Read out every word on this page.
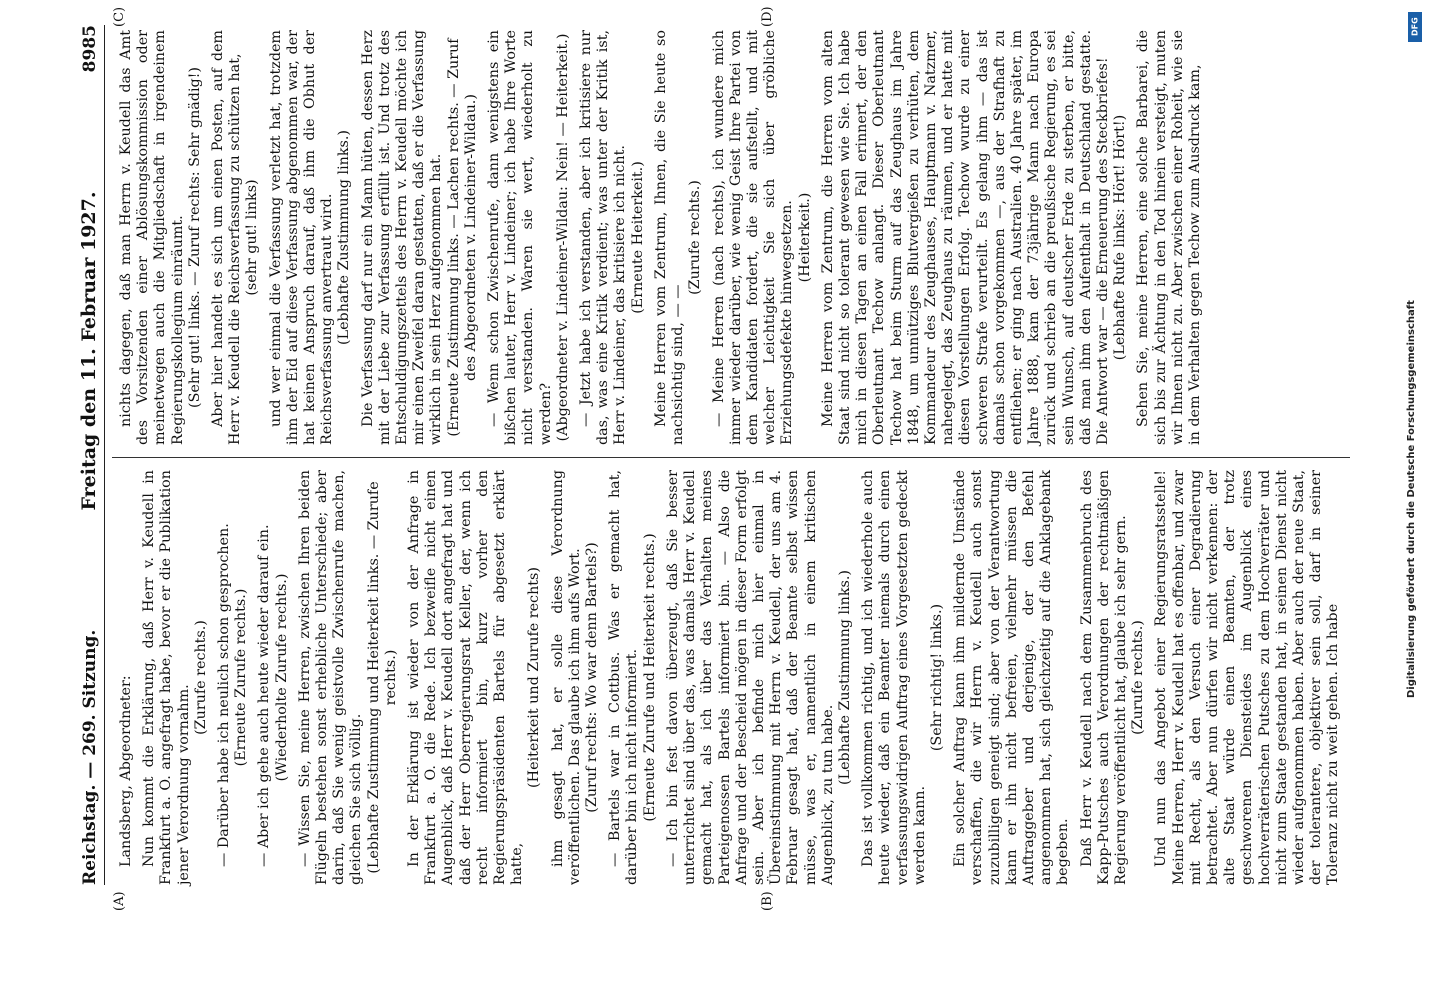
Reichstag. — 269. Sitzung.
Freitag den 11. Februar 1927.
8985
(A)	(B)
(C)	(D)

Landsberg, Abgeordneter: Nun kommt die Erklärung, daß Herr v. Keudell in Frankfurt a. O. angefragt habe, bevor er die Publikation jener Verordnung vornahm.

(Zurufe rechts.) — Darüber habe ich neulich schon gesprochen. (Erneute Zurufe rechts.) — Aber ich gehe auch heute wieder darauf ein. (Wiederholte Zurufe rechts.) — Wissen Sie, meine Herren, zwischen Ihren beiden Flügeln bestehen sonst erhebliche Unterschiede; aber darin, daß Sie wenig geistvolle Zwischenrufe machen, gleichen Sie sich völlig. (Lebhafte Zustimmung und Heiterkeit links. — Zurufe rechts.) In der Erklärung ist wieder von der Anfrage in Frankfurt a. O. die Rede. Ich bezweifle nicht einen Augenblick, daß Herr v. Keudell dort angefragt hat und daß der Herr Oberregierungsrat Keller, der, wenn ich recht informiert bin, kurz vorher den Regierungspräsidenten Bartels für abgesetzt erklärt hatte,

(Heiterkeit und Zurufe rechts) ihm gesagt hat, er solle diese Verordnung veröffentlichen. Das glaube ich ihm aufs Wort. (Zuruf rechts: Wo war denn Bartels?) — Bartels war in Cottbus. Was er gemacht hat, darüber bin ich nicht informiert. (Erneute Zurufe und Heiterkeit rechts.) — Ich bin fest davon überzeugt, daß Sie besser unterrichtet sind über das, was damals Herr v. Keudell gemacht hat, als ich über das Verhalten meines Parteigenossen Bartels informiert bin. — Also die Anfrage und der Bescheid mögen in dieser Form erfolgt sein. Aber ich befinde mich hier einmal in Übereinstimmung mit Herrn v. Keudell, der uns am 4. Februar gesagt hat, daß der Beamte selbst wissen müsse, was er, namentlich in einem kritischen Augenblick, zu tun habe.

(Lebhafte Zustimmung links.) Das ist vollkommen richtig, und ich wiederhole auch heute wieder, daß ein Beamter niemals durch einen verfassungswidrigen Auftrag eines Vorgesetzten gedeckt werden kann.

(Sehr richtig! links.) Ein solcher Auftrag kann ihm mildernde Umstände verschaffen, die wir Herrn v. Keudell auch sonst zuzubilligen geneigt sind; aber von der Verantwortung kann er ihn nicht befreien, vielmehr müssen die Auftraggeber und derjenige, der den Befehl angenommen hat, sich gleichzeitig auf die Anklagebank begeben. Daß Herr v. Keudell nach dem Zusammenbruch des Kapp-Putsches auch Verordnungen der rechtmäßigen Regierung veröffentlicht hat, glaube ich sehr gern. (Zurufe rechts.) Und nun das Angebot einer Regierungsratsstelle! Meine Herren, Herr v. Keudell hat es offenbar, und zwar mit Recht, als den Versuch einer Degradierung betrachtet. Aber nun dürfen wir nicht verkennen: der alte Staat würde einen Beamten, der trotz geschworenen Diensteides im Augenblick eines hochverräterischen Putsches zu dem Hochverräter und nicht zum Staate gestanden hat, in seinen Dienst nicht wieder aufgenommen haben. Aber auch der neue Staat, der tolerantere, objektiver sein soll, darf in seiner Toleranz nicht zu weit gehen. Ich habe

nichts dagegen, daß man Herrn v. Keudell das Amt des Vorsitzenden einer Ablösungskommission oder meinetwegen auch die Mitgliedschaft in irgendeinem Regierungskollegium einräumt. (Sehr gut! links. — Zuruf rechts: Sehr gnädig!) Aber hier handelt es sich um einen Posten, auf dem Herr v. Keudell die Reichsverfassung zu schützen hat, (sehr gut! links) und wer einmal die Verfassung verletzt hat, trotzdem ihm der Eid auf diese Verfassung abgenommen war, der hat keinen Anspruch darauf, daß ihm die Obhut der Reichsverfassung anvertraut wird. (Lebhafte Zustimmung links.) Die Verfassung darf nur ein Mann hüten, dessen Herz mit der Liebe zur Verfassung erfüllt ist. Und trotz des Entschuldigungszettels des Herrn v. Keudell möchte ich mir einen Zweifel daran gestatten, daß er die Verfassung wirklich in sein Herz aufgenommen hat. (Erneute Zustimmung links. — Lachen rechts. — Zuruf des Abgeordneten v. Lindeiner-Wildau.) — Wenn schon Zwischenrufe, dann wenigstens ein bißchen lauter, Herr v. Lindeiner; ich habe Ihre Worte nicht verstanden. Waren sie wert, wiederholt zu werden? (Abgeordneter v. Lindeiner-Wildau: Nein! — Heiterkeit.) — Jetzt habe ich verstanden, aber ich kritisiere nur das, was eine Kritik verdient; was unter der Kritik ist, Herr v. Lindeiner, das kritisiere ich nicht. (Erneute Heiterkeit.) Meine Herren vom Zentrum, Ihnen, die Sie heute so nachsichtig sind, — —

(Zurufe rechts.) — Meine Herren (nach rechts), ich wundere mich immer wieder darüber, wie wenig Geist Ihre Partei von dem Kandidaten fordert, die sie aufstellt, und mit welcher Leichtigkeit Sie sich über gröbliche Erziehungsdefekte hinwegsetzen. (Heiterkeit.) Meine Herren vom Zentrum, die Herren vom alten Staat sind nicht so tolerant gewesen wie Sie. Ich habe mich in diesen Tagen an einen Fall erinnert, der den Oberleutnant Techow anlangt. Dieser Oberleutnant Techow hat beim Sturm auf das Zeughaus im Jahre 1848, um unnütziges Blutvergießen zu verhüten, dem Kommandeur des Zeughauses, Hauptmann v. Natzmer, nahegelegt, das Zeughaus zu räumen, und er hatte mit diesen Vorstellungen Erfolg. Techow wurde zu einer schweren Strafe verurteilt. Es gelang ihm — das ist damals schon vorgekommen —, aus der Strafhaft zu entfliehen; er ging nach Australien. 40 Jahre später, im Jahre 1888, kam der 73jährige Mann nach Europa zurück und schrieb an die preußische Regierung, es sei sein Wunsch, auf deutscher Erde zu sterben, er bitte, daß man ihm den Aufenthalt in Deutschland gestatte. Die Antwort war — die Erneuerung des Steckbriefes! (Lebhafte Rufe links: Hört! Hört!) Sehen Sie, meine Herren, eine solche Barbarei, die sich bis zur Ächtung in den Tod hinein versteigt, muten wir Ihnen nicht zu. Aber zwischen einer Roheit, wie sie in dem Verhalten gegen Techow zum Ausdruck kam,

DFG
Digitalisierung gefördert durch die Deutsche Forschungsgemeinschaft
